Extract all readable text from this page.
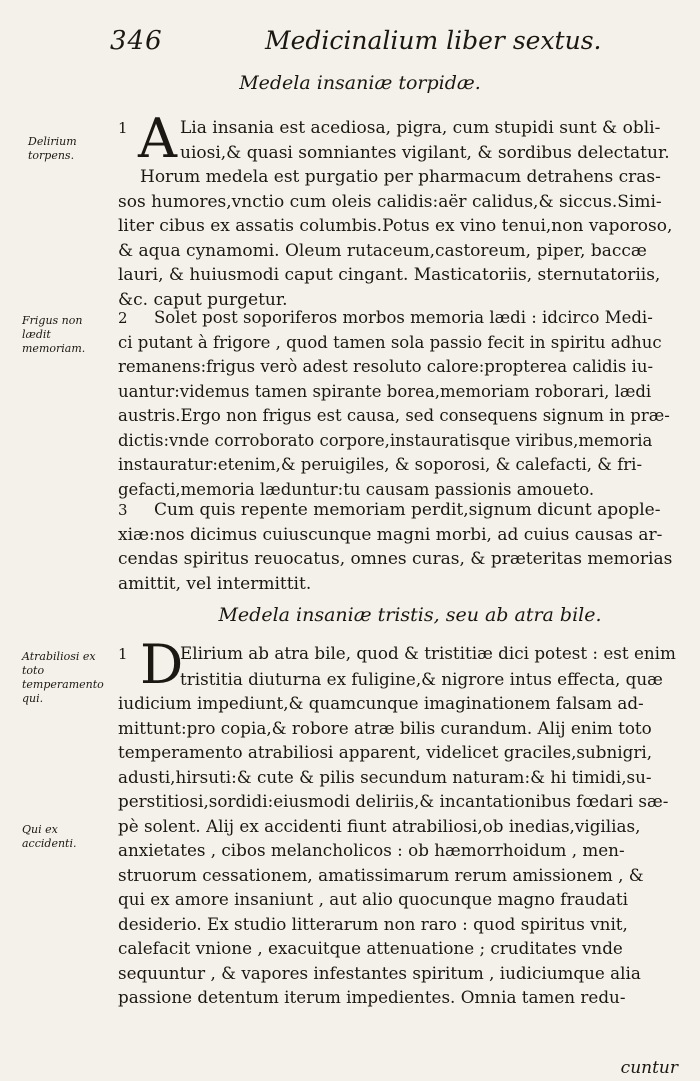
346	Medicinalium liber sextus.
Medela insaniæ torpidæ.
Delirium torpens.
Frigus non lædit memoriam.
A
1	Lia insania est acediosa, pigra, cum stupidi sunt & obli-
uiosi,& quasi somniantes vigilant, & sordibus delectatur.
Horum medela est purgatio per pharmacum detrahens cras-
sos humores,vnctio cum oleis calidis:aër calidus,& siccus.Simi-
liter cibus ex assatis columbis.Potus ex vino tenui,non vaporoso,
& aqua cynamomi. Oleum rutaceum,castoreum, piper, baccæ
lauri, & huiusmodi caput cingant. Masticatoriis, sternutatoriis,
&c. caput purgetur.
2 Solet post soporiferos morbos memoria lædi : idcirco Medi-
ci putant à frigore , quod tamen sola passio fecit in spiritu adhuc
remanens:frigus verò adest resoluto calore:propterea calidis iu-
uantur:videmus tamen spirante borea,memoriam roborari, lædi
austris.Ergo non frigus est causa, sed consequens signum in præ-
dictis:vnde corroborato corpore,instauratisque viribus,memoria
instauratur:etenim,& peruigiles, & soporosi, & calefacti, & fri-
gefacti,memoria læduntur:tu causam passionis amoueto.
3 Cum quis repente memoriam perdit,signum dicunt apople-
xiæ:nos dicimus cuiuscunque magni morbi, ad cuius causas ar-
cendas spiritus reuocatus, omnes curas, & præteritas memorias
amittit, vel intermittit.
Medela insaniæ tristis, seu ab atra bile.
Atrabiliosi ex toto temperamento qui.
Qui ex accidenti.
D
1	Elirium ab atra bile, quod & tristitiæ dici potest : est enim
tristitia diuturna ex fuligine,& nigrore intus effecta, quæ
iudicium impediunt,& quamcunque imaginationem falsam ad-
mittunt:pro copia,& robore atræ bilis curandum. Alij enim toto
temperamento atrabiliosi apparent, videlicet graciles,subnigri,
adusti,hirsuti:& cute & pilis secundum naturam:& hi timidi,su-
perstitiosi,sordidi:eiusmodi deliriis,& incantationibus fœdari sæ-
pè solent. Alij ex accidenti fiunt atrabiliosi,ob inedias,vigilias,
anxietates , cibos melancholicos : ob hæmorrhoidum , men-
struorum cessationem, amatissimarum rerum amissionem , &
qui ex amore insaniunt , aut alio quocunque magno fraudati
desiderio. Ex studio litterarum non raro : quod spiritus vnit,
calefacit vnione , exacuitque attenuatione ; cruditates vnde
sequuntur , & vapores infestantes spiritum , iudiciumque alia
passione detentum iterum impedientes. Omnia tamen redu-
cuntur
